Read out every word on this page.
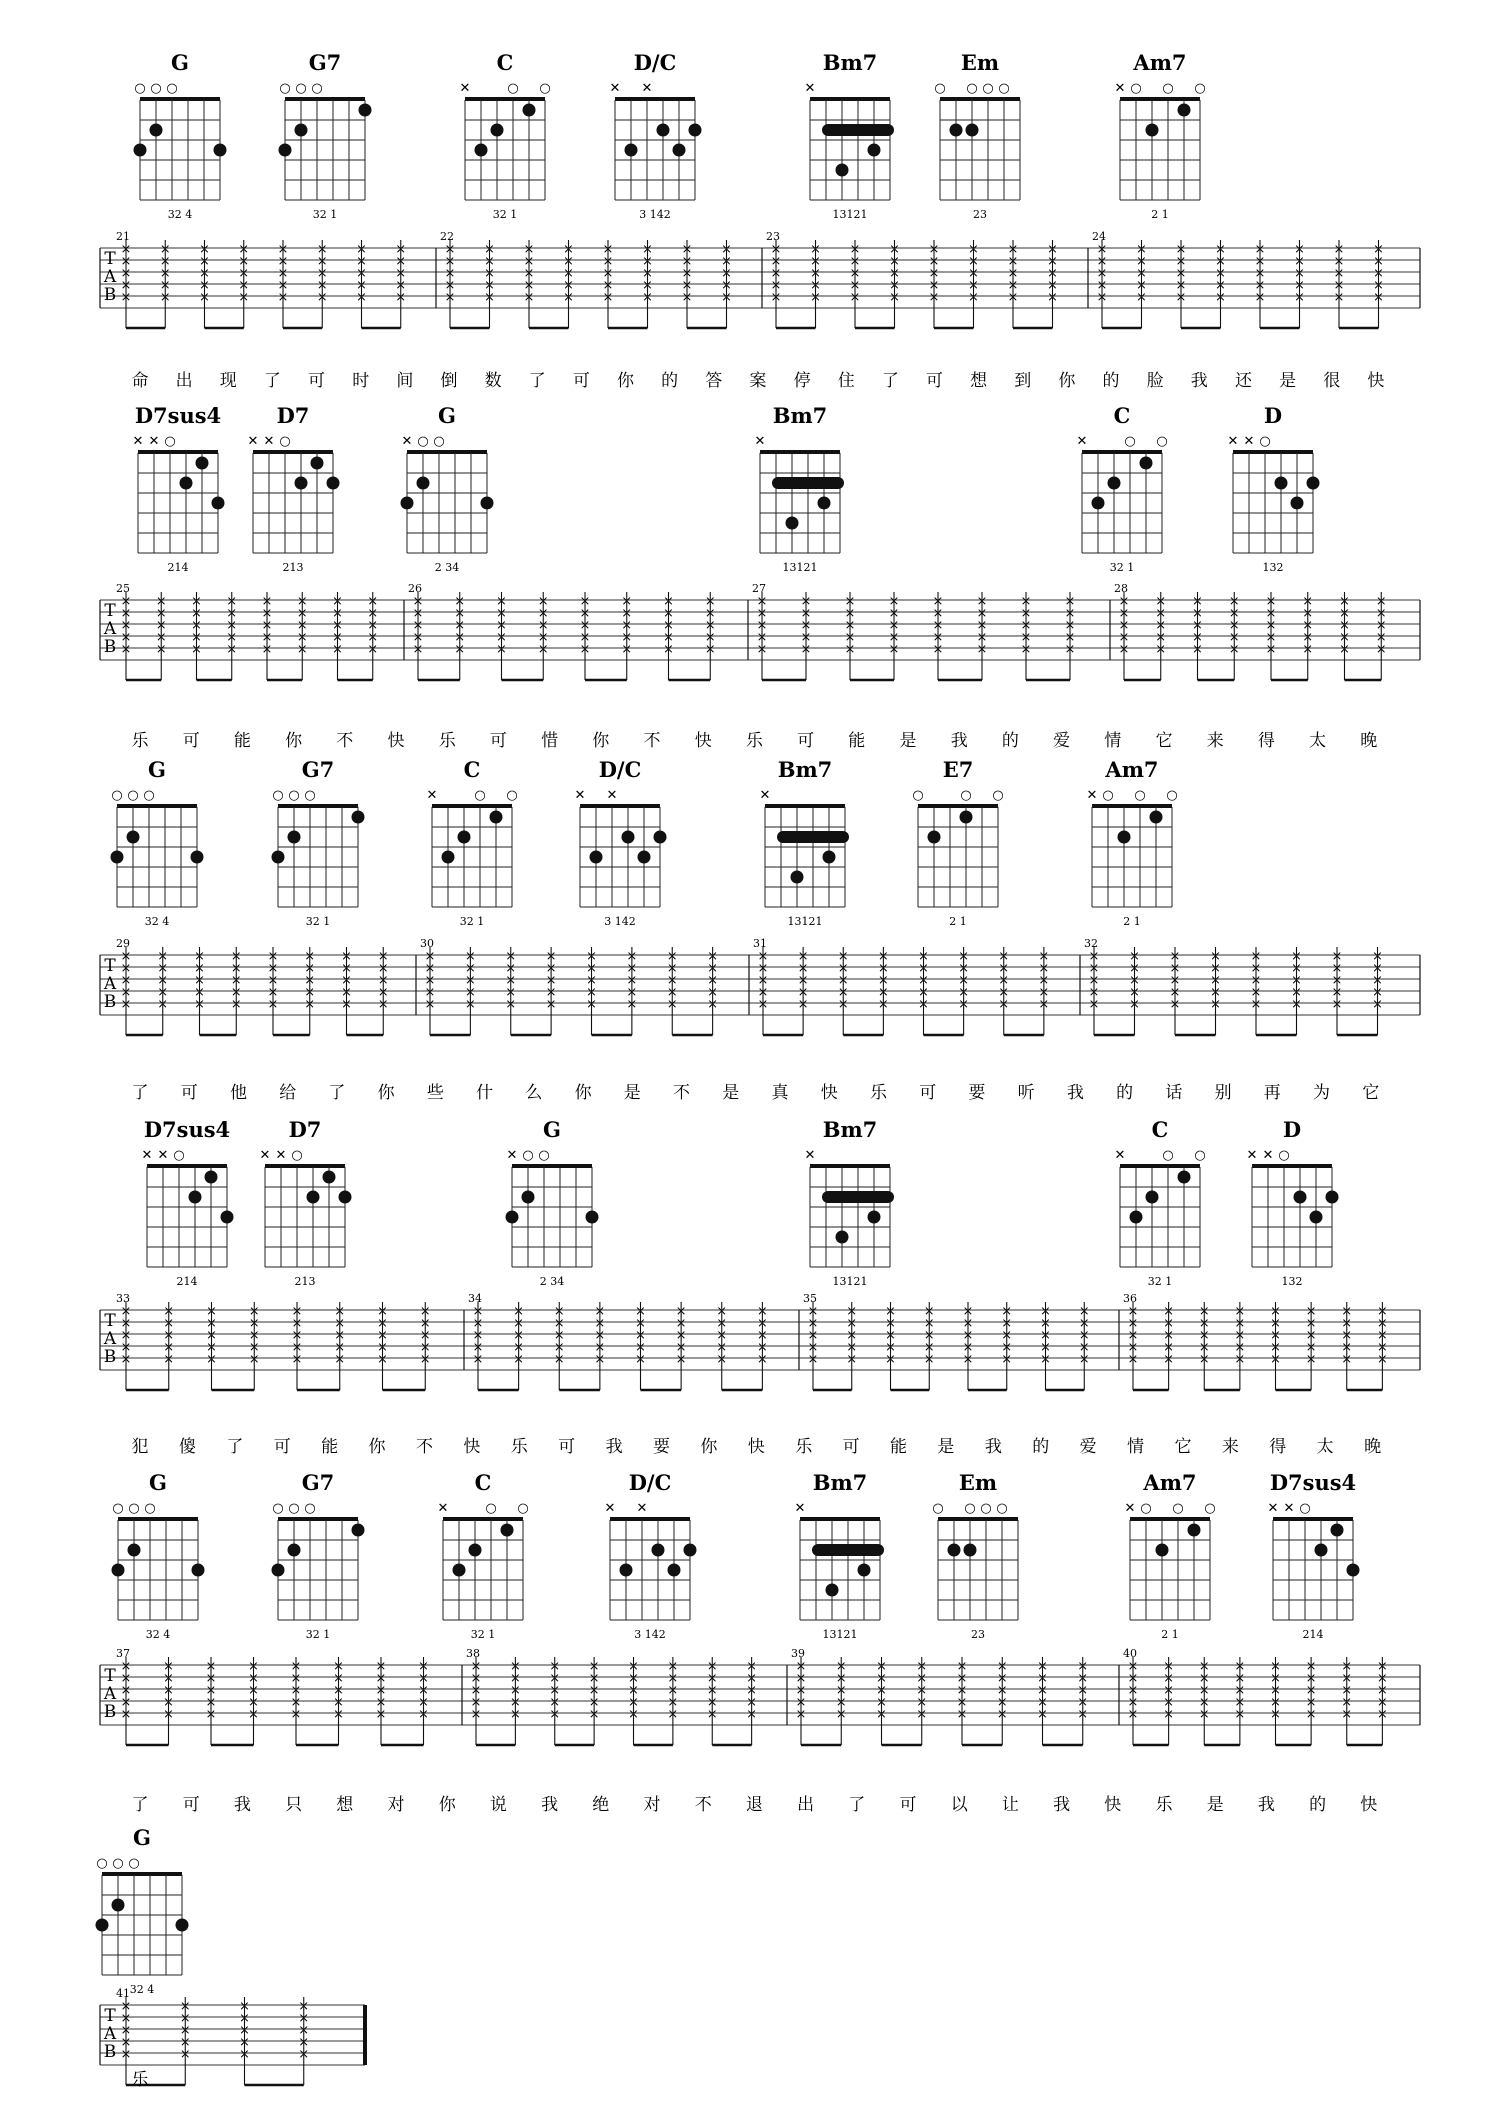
G
○ ○ ○
32 4
G7
○ ○ ○
32 1
C
✕	○ ○
32 1
D/C
✕ ✕
3 142
Bm7
✕
13121
Em
○ ○ ○ ○
23
Am7
✕ ○ ○ ○
2 1
T
A
B
21
×
×
×
×
×
×
×
×
×
×
×
×
×
×
×
×
×
×
×
×
×
×
×
×
×
×
×
×
×
×
×
×
×
×
×
×
×
×
×
×
22
×
×
×
×
×
×
×
×
×
×
×
×
×
×
×
×
×
×
×
×
×
×
×
×
×
×
×
×
×
×
×
×
×
×
×
×
×
×
×
×
23
×
×
×
×
×
×
×
×
×
×
×
×
×
×
×
×
×
×
×
×
×
×
×
×
×
×
×
×
×
×
×
×
×
×
×
×
×
×
×
×
24
×
×
×
×
×
×
×
×
×
×
×
×
×
×
×
×
×
×
×
×
×
×
×
×
×
×
×
×
×
×
×
×
×
×
×
×
×
×
×
×
命 出 现 了 可 时 间 倒 数 了 可 你 的 答 案 停 住 了 可 想 到 你 的 脸 我 还 是 很 快
D7sus4
✕ ✕ ○
214
D7
✕ ✕ ○
213
G
✕ ○ ○
2 34
Bm7
✕
13121
C
✕	○ ○
32 1
D
✕ ✕ ○
132
T
A
B
25
×
×
×
×
×
×
×
×
×
×
×
×
×
×
×
×
×
×
×
×
×
×
×
×
×
×
×
×
×
×
×
×
×
×
×
×
×
×
×
×
26
×
×
×
×
×
×
×
×
×
×
×
×
×
×
×
×
×
×
×
×
×
×
×
×
×
×
×
×
×
×
×
×
×
×
×
×
×
×
×
×
27
×
×
×
×
×
×
×
×
×
×
×
×
×
×
×
×
×
×
×
×
×
×
×
×
×
×
×
×
×
×
×
×
×
×
×
×
×
×
×
×
28
×
×
×
×
×
×
×
×
×
×
×
×
×
×
×
×
×
×
×
×
×
×
×
×
×
×
×
×
×
×
×
×
×
×
×
×
×
×
×
×
乐 可 能 你 不 快 乐 可 惜 你 不 快 乐 可 能 是 我 的 爱 情 它 来 得 太 晚
G
○ ○ ○
32 4
G7
○ ○ ○
32 1
C
✕	○ ○
32 1
D/C
✕ ✕
3 142
Bm7
✕
13121
E7
○	○ ○
2 1
Am7
✕ ○ ○ ○
2 1
T
A
B
29
×
×
×
×
×
×
×
×
×
×
×
×
×
×
×
×
×
×
×
×
×
×
×
×
×
×
×
×
×
×
×
×
×
×
×
×
×
×
×
×
30
×
×
×
×
×
×
×
×
×
×
×
×
×
×
×
×
×
×
×
×
×
×
×
×
×
×
×
×
×
×
×
×
×
×
×
×
×
×
×
×
31
×
×
×
×
×
×
×
×
×
×
×
×
×
×
×
×
×
×
×
×
×
×
×
×
×
×
×
×
×
×
×
×
×
×
×
×
×
×
×
×
32
×
×
×
×
×
×
×
×
×
×
×
×
×
×
×
×
×
×
×
×
×
×
×
×
×
×
×
×
×
×
×
×
×
×
×
×
×
×
×
×
了 可 他 给 了 你 些 什 么 你 是 不 是 真 快 乐 可 要 听 我 的 话 别 再 为 它
D7sus4
✕ ✕ ○
214
D7
✕ ✕ ○
213
G
✕ ○ ○
2 34
Bm7
✕
13121
C
✕	○ ○
32 1
D
✕ ✕ ○
132
T
A
B
33
×
×
×
×
×
×
×
×
×
×
×
×
×
×
×
×
×
×
×
×
×
×
×
×
×
×
×
×
×
×
×
×
×
×
×
×
×
×
×
×
34
×
×
×
×
×
×
×
×
×
×
×
×
×
×
×
×
×
×
×
×
×
×
×
×
×
×
×
×
×
×
×
×
×
×
×
×
×
×
×
×
35
×
×
×
×
×
×
×
×
×
×
×
×
×
×
×
×
×
×
×
×
×
×
×
×
×
×
×
×
×
×
×
×
×
×
×
×
×
×
×
×
36
×
×
×
×
×
×
×
×
×
×
×
×
×
×
×
×
×
×
×
×
×
×
×
×
×
×
×
×
×
×
×
×
×
×
×
×
×
×
×
×
犯 傻 了 可 能 你 不 快 乐 可 我 要 你 快 乐 可 能 是 我 的 爱 情 它 来 得 太 晚
G
○ ○ ○
32 4
G7
○ ○ ○
32 1
C
✕	○ ○
32 1
D/C
✕ ✕
3 142
Bm7
✕
13121
Em
○ ○ ○ ○
23
Am7
✕ ○ ○ ○
2 1
D7sus4
✕ ✕ ○
214
T
A
B
37
×
×
×
×
×
×
×
×
×
×
×
×
×
×
×
×
×
×
×
×
×
×
×
×
×
×
×
×
×
×
×
×
×
×
×
×
×
×
×
×
38
×
×
×
×
×
×
×
×
×
×
×
×
×
×
×
×
×
×
×
×
×
×
×
×
×
×
×
×
×
×
×
×
×
×
×
×
×
×
×
×
39
×
×
×
×
×
×
×
×
×
×
×
×
×
×
×
×
×
×
×
×
×
×
×
×
×
×
×
×
×
×
×
×
×
×
×
×
×
×
×
×
40
×
×
×
×
×
×
×
×
×
×
×
×
×
×
×
×
×
×
×
×
×
×
×
×
×
×
×
×
×
×
×
×
×
×
×
×
×
×
×
×
了 可 我 只 想 对 你 说 我 绝 对 不 退 出 了 可 以 让 我 快 乐 是 我 的 快
G
○ ○ ○
32 4
T
A
B
41
×
×
×
×
×
×
×
×
×
×
×
×
×
×
×
×
×
×
×
×
乐
